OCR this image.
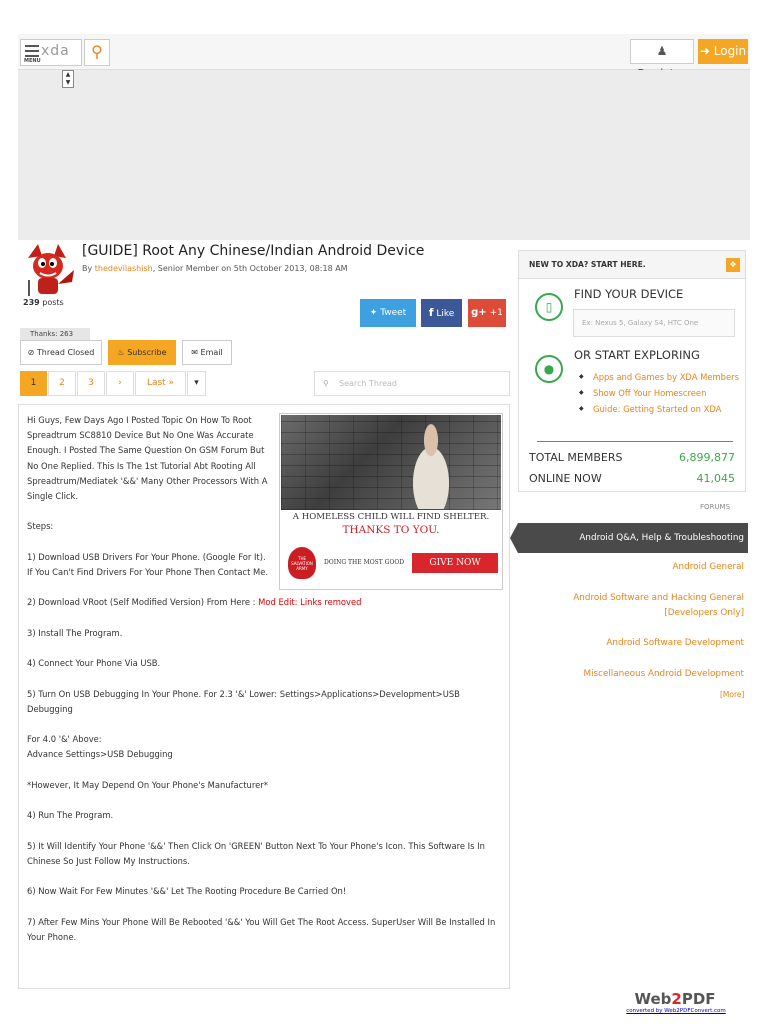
MENU
xda	⚲	♟	➜ Login
▲
▼
239 posts
[GUIDE] Root Any Chinese/Indian Android Device
By thedevilashish, Senior Member on 5th October 2013, 08:18 AM
✦ Tweet	f Like	g+ +1
Thanks: 263
⊘ Thread Closed	♨ Subscribe	✉ Email
1	2	3	›	Last »	▾	⚲ Search Thread

Hi Guys, Few Days Ago I Posted Topic On How To Root Spreadtrum SC8810 Device But No One Was Accurate Enough. I Posted The Same Question On GSM Forum But No One Replied. This Is The 1st Tutorial Abt Rooting All Spreadtrum/Mediatek '&&' Many Other Processors With A Single Click.

Steps:

1) Download USB Drivers For Your Phone. (Google For It). If You Can't Find Drivers For Your Phone Then Contact Me.

2) Download VRoot (Self Modified Version) From Here : Mod Edit: Links removed

3) Install The Program.

4) Connect Your Phone Via USB.

5) Turn On USB Debugging In Your Phone. For 2.3 '&' Lower: Settings>Applications>Development>USB Debugging

For 4.0 '&' Above:

Advance Settings>USB Debugging

*However, It May Depend On Your Phone's Manufacturer*

4) Run The Program.

5) It Will Identify Your Phone '&&' Then Click On 'GREEN' Button Next To Your Phone's Icon. This Software Is In Chinese So Just Follow My Instructions.

6) Now Wait For Few Minutes '&&' Let The Rooting Procedure Be Carried On!

7) After Few Mins Your Phone Will Be Rebooted '&&' You Will Get The Root Access. SuperUser Will Be Installed In Your Phone.

A HOMELESS CHILD WILL FIND SHELTER.
THANKS TO YOU.
THE SALVATION ARMY
DOING THE MOST GOOD	GIVE NOW
NEW TO XDA? START HERE.	❖
▯
FIND YOUR DEVICE
Ex: Nexus 5, Galaxy S4, HTC One
●
OR START EXPLORING
◆ Apps and Games by XDA Members
◆ Show Off Your Homescreen
◆ Guide: Getting Started on XDA
TOTAL MEMBERS	6,899,877
ONLINE NOW	41,045
FORUMS
Android Q&A, Help & Troubleshooting
Android General
Android Software and Hacking General [Developers Only]
Android Software Development
Miscellaneous Android Development
[More]
Web2PDF
converted by Web2PDFConvert.com
